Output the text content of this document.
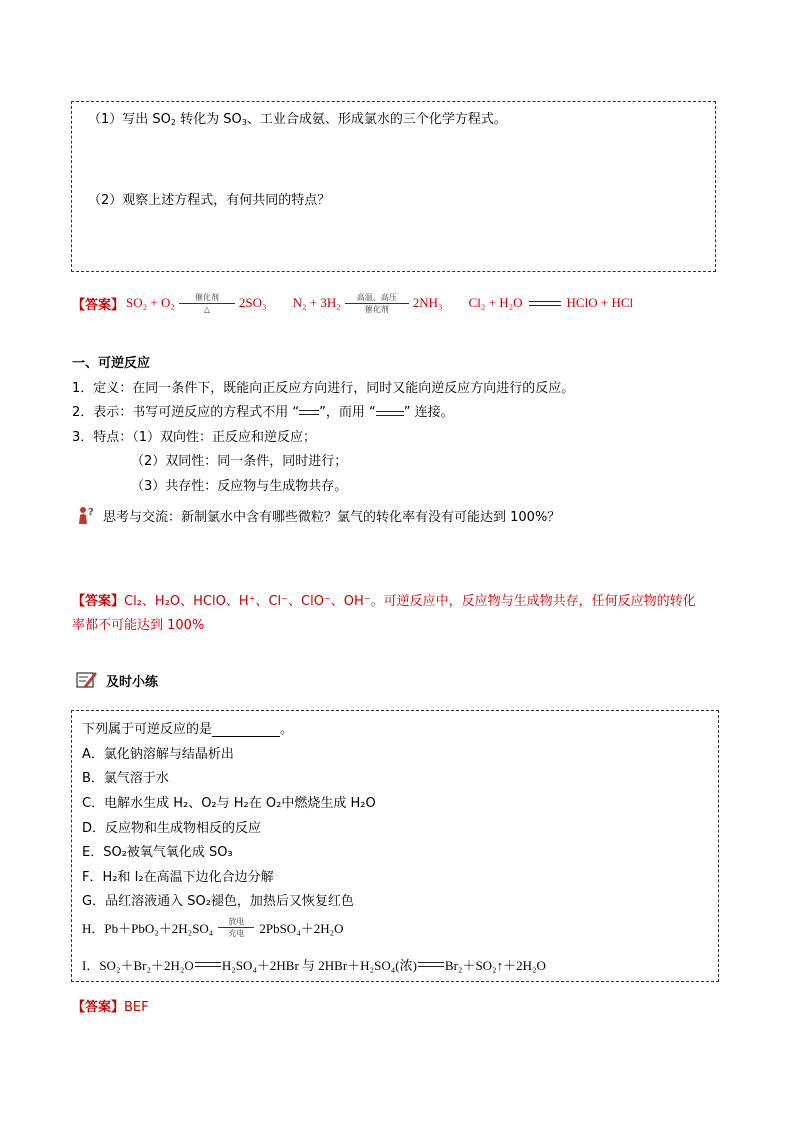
（1）写出 $SO_2$ 转化为 $SO_3$、工业合成氨、形成氯水的三个化学方程式。
（2）观察上述方程式，有何共同的特点？
【答案】 SO₂ + O₂	催化剂
△	2SO₃ N₂ + 3H₂	高温、高压
催化剂	2NH₃ Cl₂ + H₂O	HClO + HCl
一、可逆反应
1．定义：在同一条件下，既能向正反应方向进行，同时又能向逆反应方向进行的反应。
2．表示：书写可逆反应的方程式不用 “ ”，而用 “ ” 连接。
3．特点：（1）双向性：正反应和逆反应；
（2）双同性：同一条件，同时进行；
（3）共存性：反应物与生成物共存。
? 思考与交流：新制氯水中含有哪些微粒？氯气的转化率有没有可能达到 100%？
【答案】Cl₂、H₂O、HClO、H⁺、Cl⁻、ClO⁻、OH⁻。可逆反应中，反应物与生成物共存，任何反应物的转化
率都不可能达到 100%
及时小练
下列属于可逆反应的是	。
A．氯化钠溶解与结晶析出
B．氯气溶于水
C．电解水生成 H₂、O₂与 H₂在 O₂中燃烧生成 H₂O
D．反应物和生成物相反的反应
E．SO₂被氧气氧化成 SO₃
F．H₂和 I₂在高温下边化合边分解
G．品红溶液通入 SO₂褪色，加热后又恢复红色
H．Pb＋PbO₂＋2H₂SO₄	放电
充电	2PbSO₄＋2H₂O
I．SO₂＋Br₂＋2H₂O H₂SO₄＋2HBr 与 2HBr＋H₂SO₄(浓) Br₂＋SO₂↑＋2H₂O
【答案】BEF
